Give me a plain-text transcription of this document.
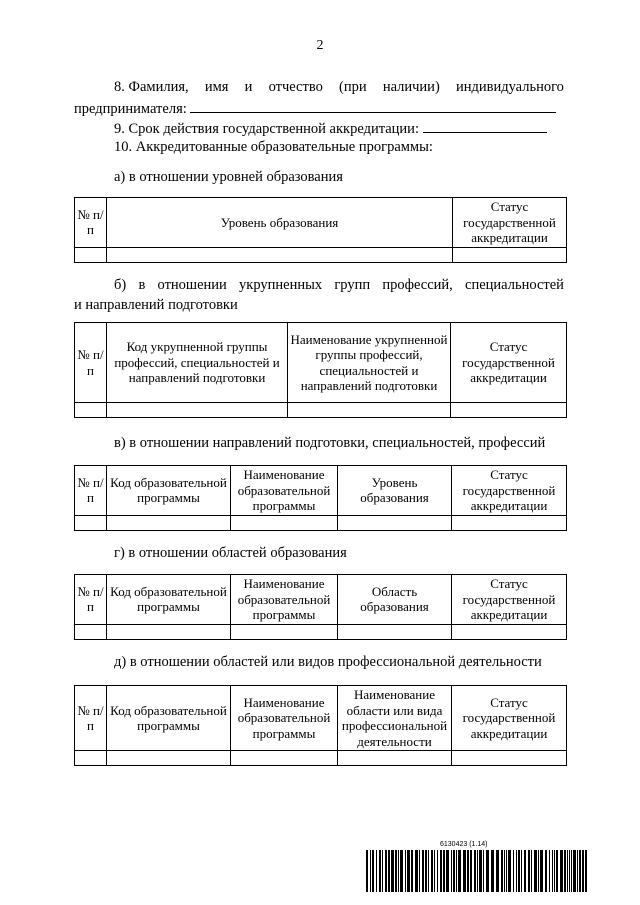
2
8. Фамилия, имя и отчество (при наличии) индивидуального
предпринимателя:
9. Срок действия государственной аккредитации:
10. Аккредитованные образовательные программы:
а) в отношении уровней образования
№ п/п	Уровень образования	Статус государственной аккредитации

б) в отношении укрупненных групп профессий, специальностей
и направлений подготовки
№ п/п	Код укрупненной группы профессий, специальностей и направлений подготовки	Наименование укрупненной группы профессий, специальностей и направлений подготовки	Статус государственной аккредитации

в) в отношении направлений подготовки, специальностей, профессий
№ п/п	Код образовательной программы	Наименование образовательной программы	Уровень образования	Статус государственной аккредитации

г) в отношении областей образования
№ п/п	Код образовательной программы	Наименование образовательной программы	Область образования	Статус государственной аккредитации

д) в отношении областей или видов профессиональной деятельности
№ п/п	Код образовательной программы	Наименование образовательной программы	Наименование области или вида профессиональной деятельности	Статус государственной аккредитации

6130423 (1.14)
